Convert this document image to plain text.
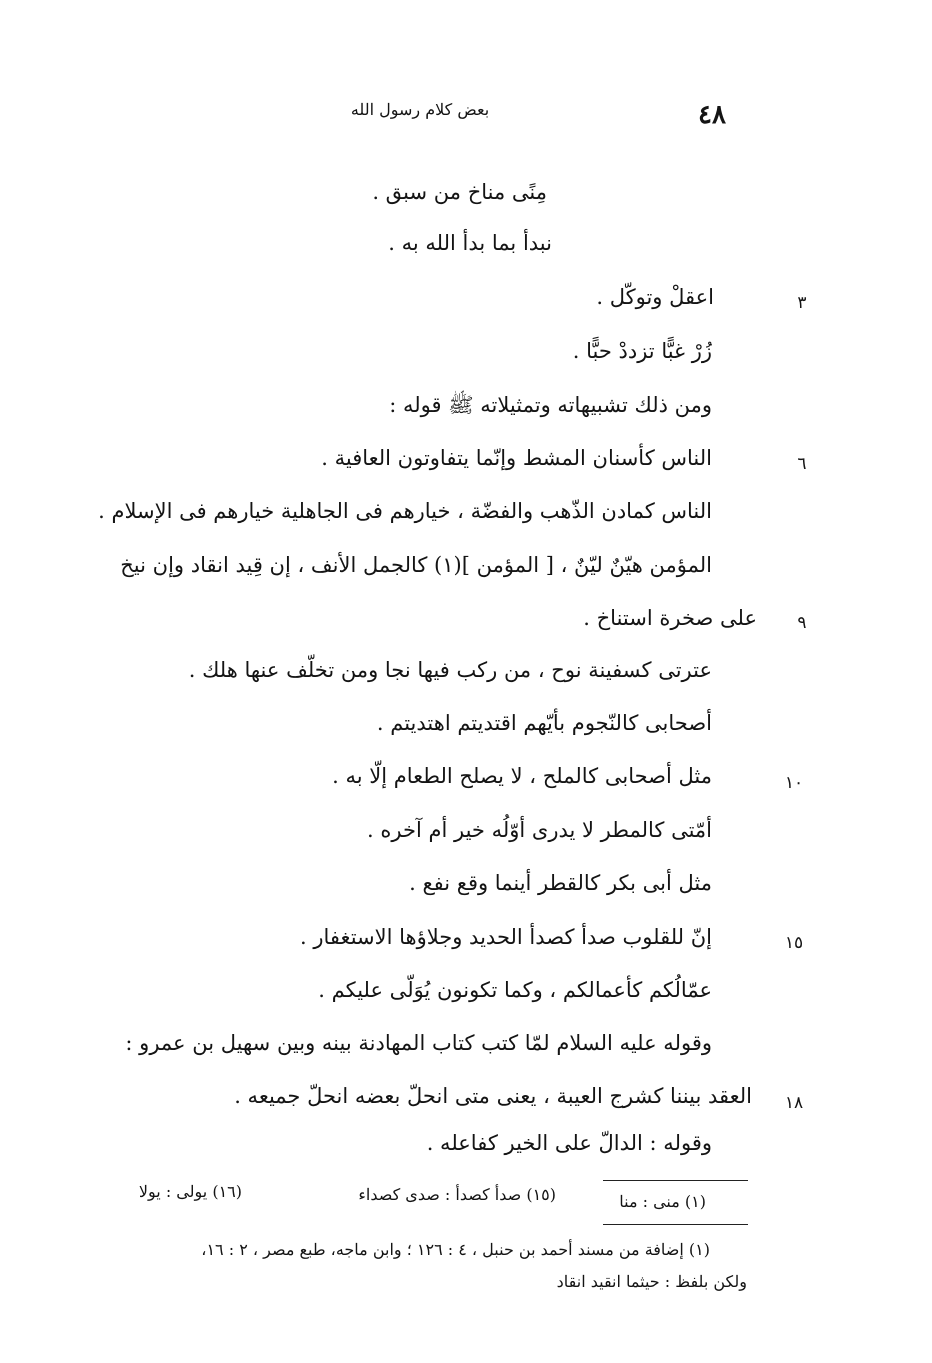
٤٨
بعض كلام رسول الله
مِنًى مناخ من سبق .
نبدأ بما بدأ الله به .
اعقلْ وتوكّل .
زُرْ غبًّا تزددْ حبًّا .
ومن ذلك تشبيهاته وتمثيلاته ﷺ قوله :
الناس كأسنان المشط وإنّما يتفاوتون العافية .
الناس كمادن الذّهب والفضّة ، خيارهم فى الجاهلية خيارهم فى الإسلام .
المؤمن هيّنٌ ليّنٌ ، [ المؤمن ](١) كالجمل الأنف ، إن قِيد انقاد وإن نيخ
على صخرة استناخ .
عترتى كسفينة نوح ، من ركب فيها نجا ومن تخلّف عنها هلك .
أصحابى كالنّجوم بأيّهم اقتديتم اهتديتم .
مثل أصحابى كالملح ، لا يصلح الطعام إلّا به .
أمّتى كالمطر لا يدرى أوّلُه خير أم آخره .
مثل أبى بكر كالقطر أينما وقع نفع .
إنّ للقلوب صدأ كصدأ الحديد وجلاؤها الاستغفار .
عمّالُكم كأعمالكم ، وكما تكونون يُوَلّى عليكم .
وقوله عليه السلام لمّا كتب كتاب المهادنة بينه وبين سهيل بن عمرو :
العقد بيننا كشرج العيبة ، يعنى متى انحلّ بعضه انحلّ جميعه .
وقوله : الدالّ على الخير كفاعله .
٣
٦
٩
١٠
١٥
١٨
(١) منى : منا
(١٥) صدأ كصدأ : صدى كصداء
(١٦) يولى : يولا
(١) إضافة من مسند أحمد بن حنبل ، ٤ : ١٢٦ ؛ وابن ماجه، طبع مصر ، ٢ : ١٦،
ولكن بلفظ : حيثما انقيد انقاد
